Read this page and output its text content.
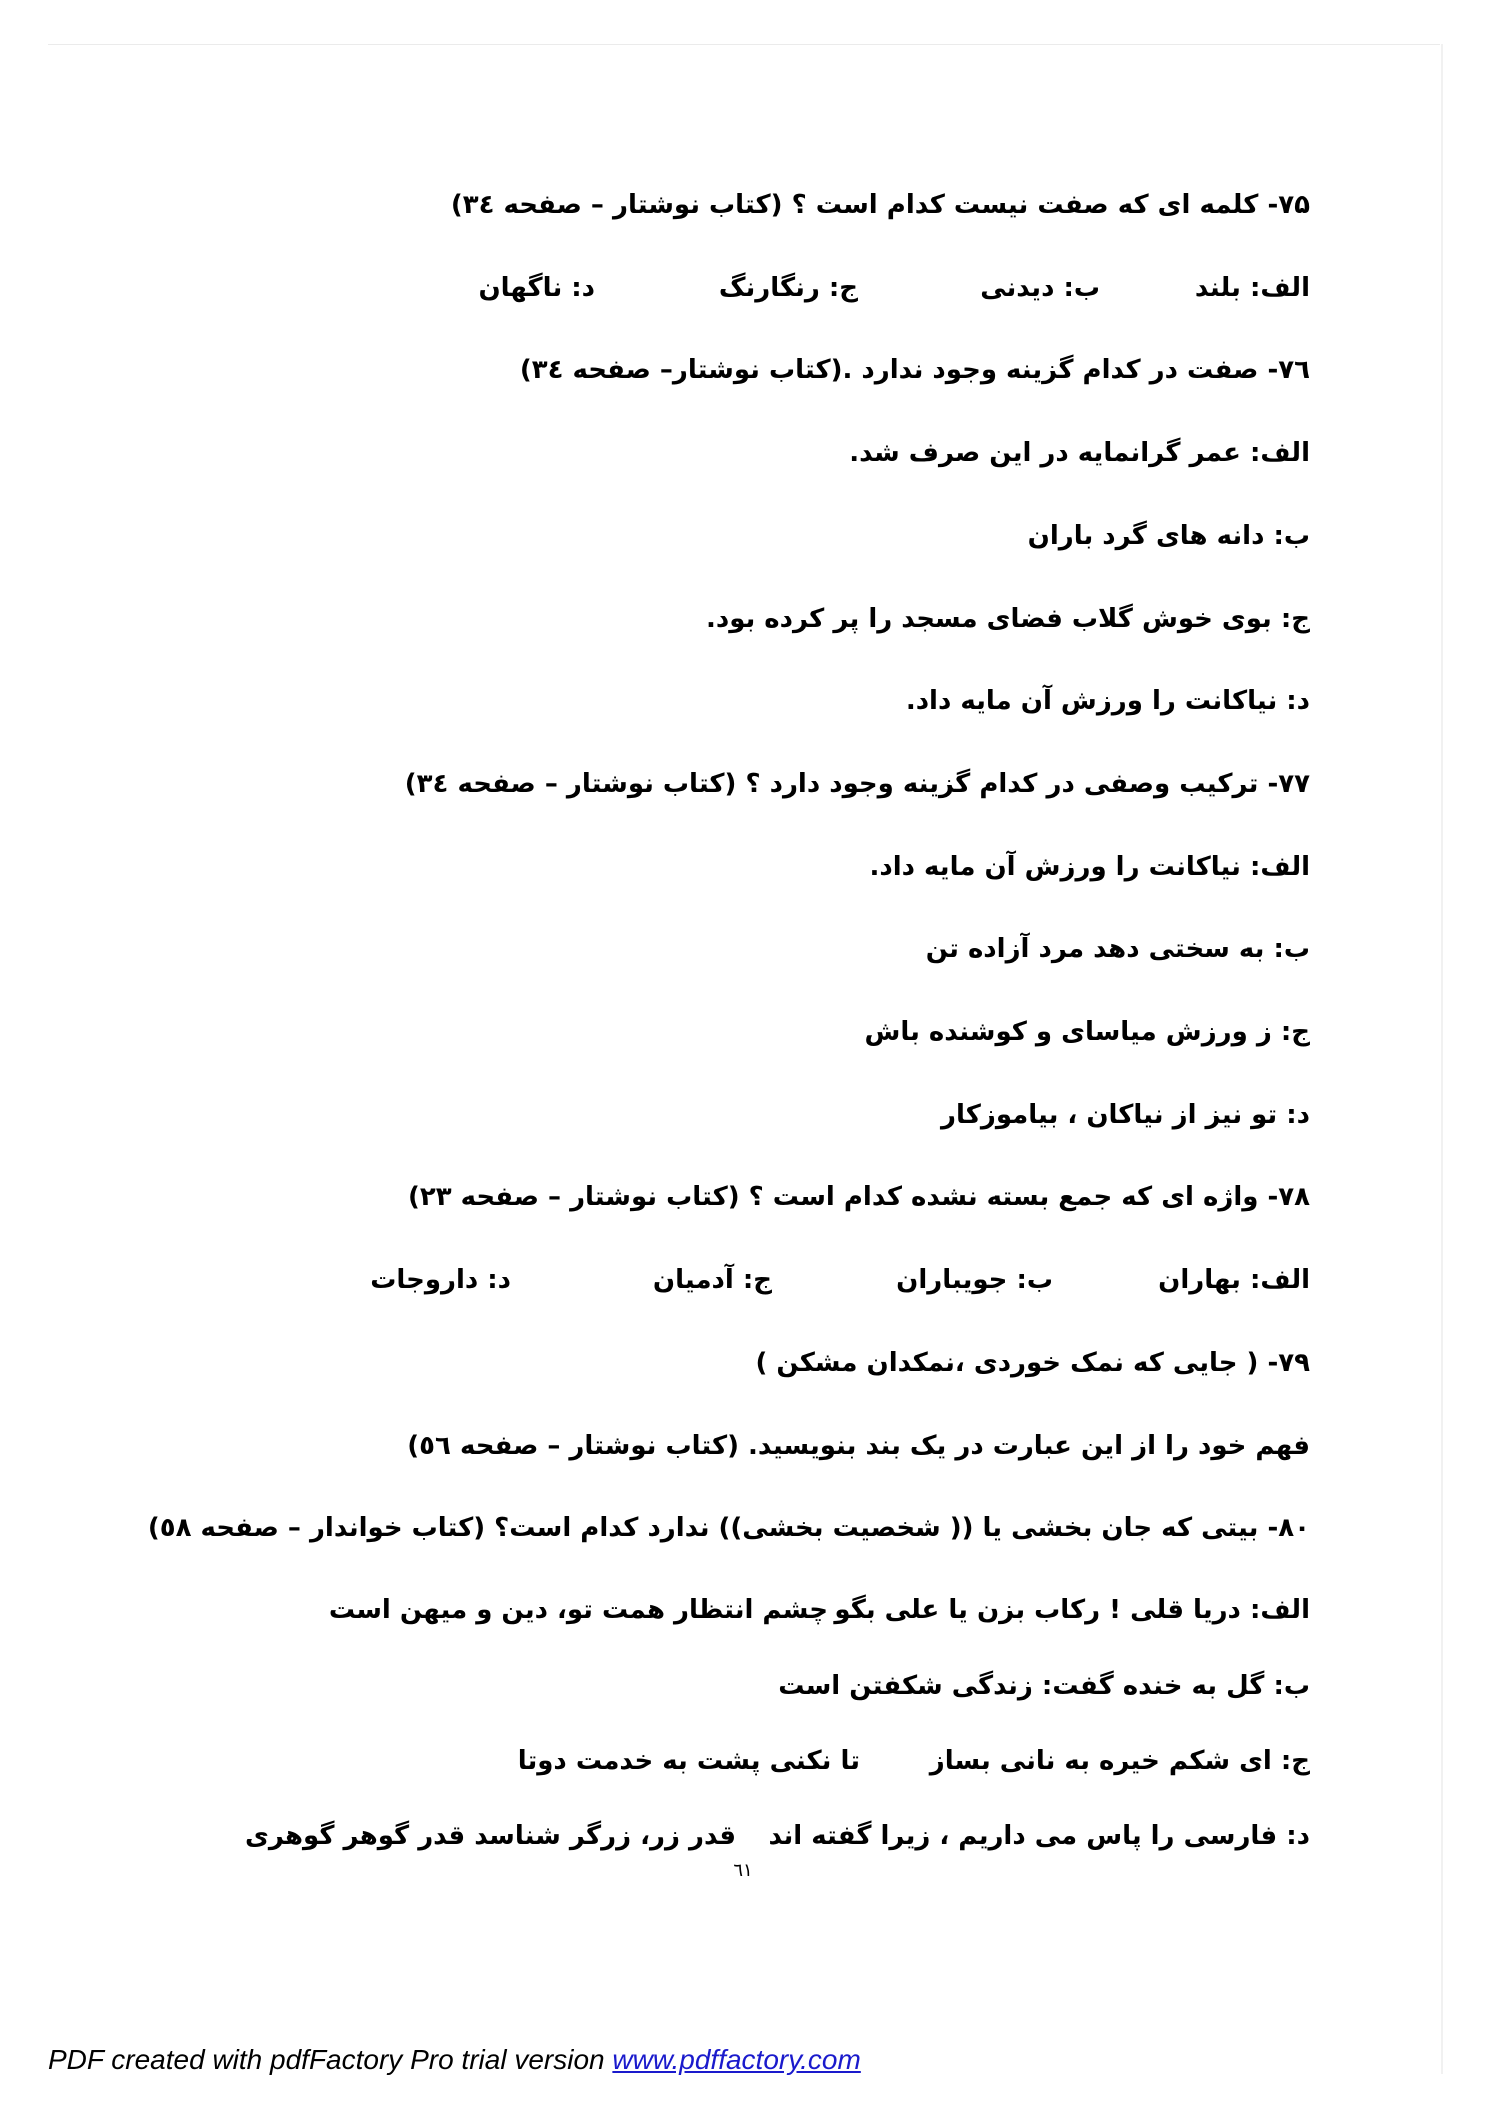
۷۵- کلمه ای که صفت نیست کدام است ؟ (کتاب نوشتار – صفحه ٣٤)
الف: بلند
ب: دیدنی
ج: رنگارنگ
د: ناگهان
٧٦- صفت در کدام گزینه وجود ندارد .(کتاب نوشتار– صفحه ٣٤)
الف: عمر گرانمایه در این صرف شد.
ب: دانه های گرد باران
ج: بوی خوش گلاب فضای مسجد را پر کرده بود.
د: نیاکانت را ورزش آن مایه داد.
۷۷- ترکیب وصفی در کدام گزینه وجود دارد ؟ (کتاب نوشتار – صفحه ٣٤)
الف: نیاکانت را ورزش آن مایه داد.
ب: به سختی دهد مرد آزاده تن
ج: ز ورزش میاسای و کوشنده باش
د: تو نیز از نیاکان ، بیاموزکار
۷۸- واژه ای که جمع بسته نشده کدام است ؟ (کتاب نوشتار – صفحه ۲۳)
الف: بهاران
ب: جویباران
ج: آدمیان
د: داروجات
۷۹- ( جایی که نمک خوردی ،نمکدان مشکن )
فهم خود را از این عبارت در یک بند بنویسید. (کتاب نوشتار – صفحه ٥٦)
۸۰- بیتی که جان بخشی یا (( شخصیت بخشی)) ندارد کدام است؟ (کتاب خواندار – صفحه ٥٨)
الف: دریا قلی ! رکاب بزن یا علی بگو
چشم انتظار همت تو، دین و میهن است
ب: گل به خنده گفت: زندگی شکفتن است
ج: ای شکم خیره به نانی بساز
تا نکنی پشت به خدمت دوتا
د: فارسی را پاس می داریم ، زیرا گفته اند
قدر زر، زرگر شناسد قدر گوهر گوهری
٦١
PDF created with pdfFactory Pro trial version www.pdffactory.com
